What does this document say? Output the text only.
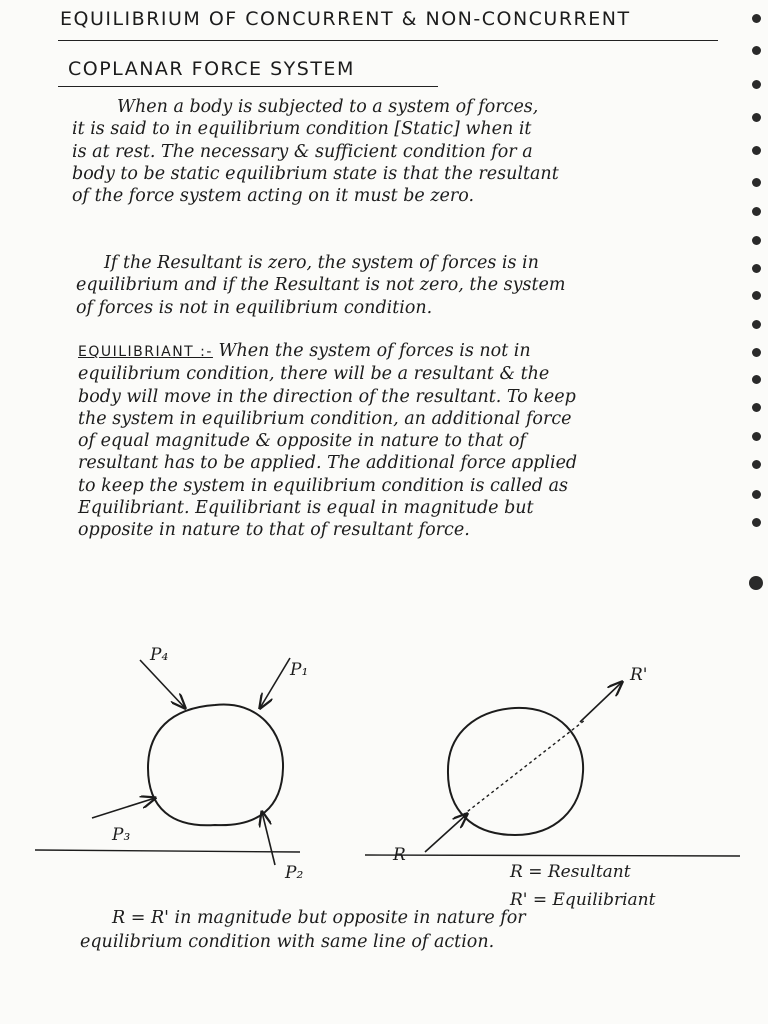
EQUILIBRIUM OF CONCURRENT & NON-CONCURRENT
COPLANAR FORCE SYSTEM
When a body is subjected to a system of forces,
it is said to in equilibrium condition [Static] when it
is at rest. The necessary & sufficient condition for a
body to be static equilibrium state is that the resultant
of the force system acting on it must be zero.
If the Resultant is zero, the system of forces is in
equilibrium and if the Resultant is not zero, the system
of forces is not in equilibrium condition.
EQUILIBRIANT :- When the system of forces is not in
equilibrium condition, there will be a resultant & the
body will move in the direction of the resultant. To keep
the system in equilibrium condition, an additional force
of equal magnitude & opposite in nature to that of
resultant has to be applied. The additional force applied
to keep the system in equilibrium condition is called as
Equilibriant. Equilibriant is equal in magnitude but
opposite in nature to that of resultant force.
P₄
P₁
P₃
P₂
R
R'
R = Resultant
R' = Equilibriant
R = R' in magnitude but opposite in nature for
equilibrium condition with same line of action.
